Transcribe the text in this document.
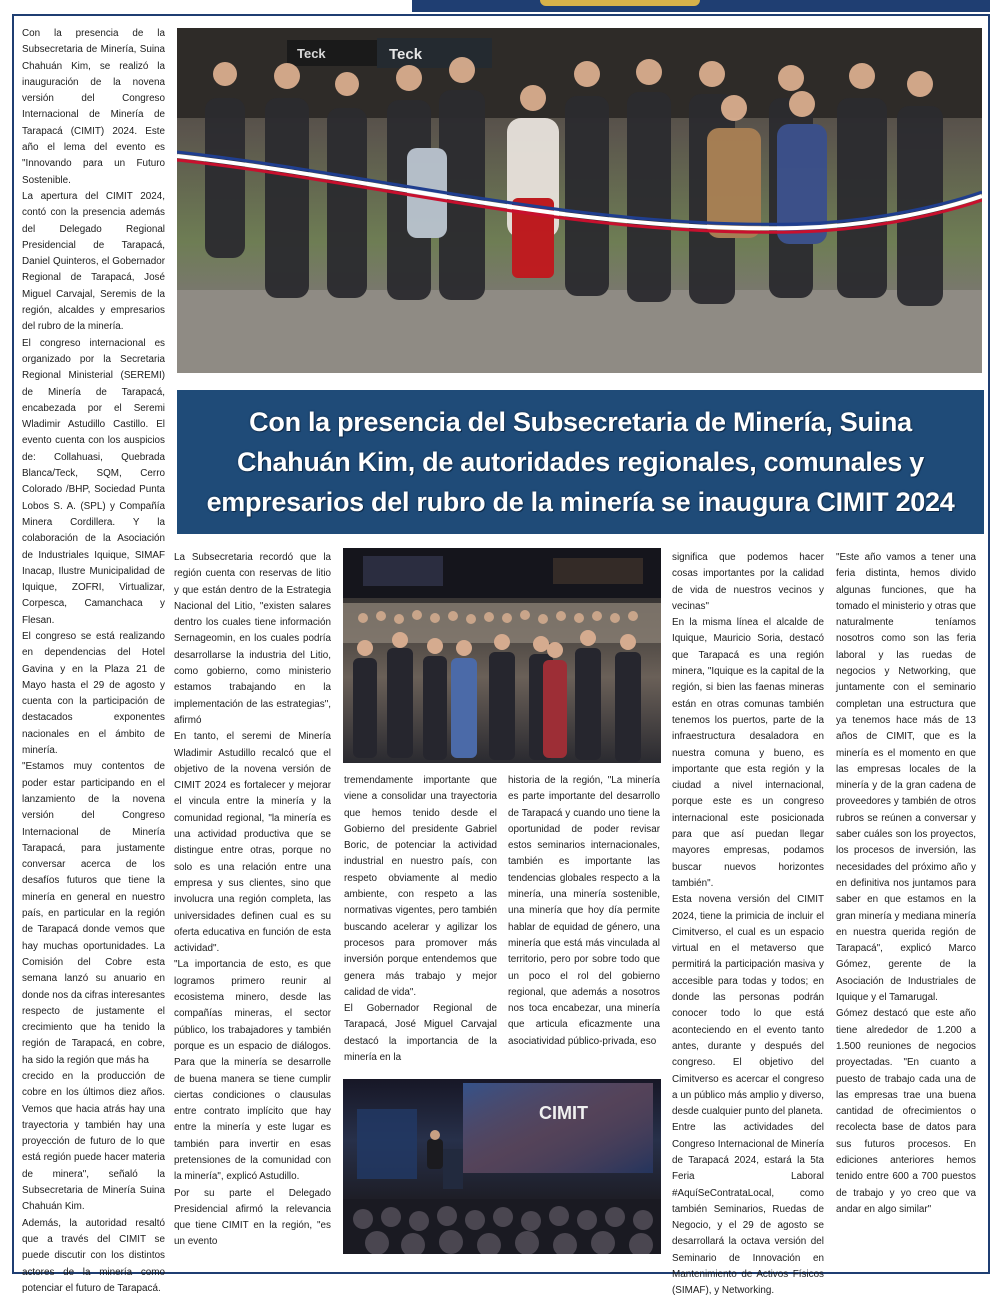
Teck	Teck
Con la presencia del Subsecretaria de Minería, Suina Chahuán Kim, de autoridades regionales, comunales y empresarios del rubro de la minería se inaugura CIMIT 2024
CIMIT

Con la presencia de la Subsecretaria de Minería, Suina Chahuán Kim, se realizó la inauguración de la novena versión del Congreso Internacional de Minería de Tarapacá (CIMIT) 2024. Este año el lema del evento es "Innovando para un Futuro Sostenible.

La apertura del CIMIT 2024, contó con la presencia además del Delegado Regional Presidencial de Tarapacá, Daniel Quinteros, el Gobernador Regional de Tarapacá, José Miguel Carvajal, Seremis de la región, alcaldes y empresarios del rubro de la minería.

El congreso internacional es organizado por la Secretaria Regional Ministerial (SEREMI) de Minería de Tarapacá, encabezada por el Seremi Wladimir Astudillo Castillo. El evento cuenta con los auspicios de: Collahuasi, Quebrada Blanca/Teck, SQM, Cerro Colorado /BHP, Sociedad Punta Lobos S. A. (SPL) y Compañía Minera Cordillera. Y la colaboración de la Asociación de Industriales Iquique, SIMAF Inacap, Ilustre Municipalidad de Iquique, ZOFRI, Virtualizar, Corpesca, Camanchaca y Flesan.

El congreso se está realizando en dependencias del Hotel Gavina y en la Plaza 21 de Mayo hasta el 29 de agosto y cuenta con la participación de destacados exponentes nacionales en el ámbito de minería.

"Estamos muy contentos de poder estar participando en el lanzamiento de la novena versión del Congreso Internacional de Minería Tarapacá, para justamente conversar acerca de los desafíos futuros que tiene la minería en general en nuestro país, en particular en la región de Tarapacá donde vemos que hay muchas oportunidades. La Comisión del Cobre esta semana lanzó su anuario en donde nos da cifras interesantes respecto de justamente el crecimiento que ha tenido la región de Tarapacá, en cobre, ha sido la región que más ha

crecido en la producción de cobre en los últimos diez años. Vemos que hacia atrás hay una trayectoria y también hay una proyección de futuro de lo que está región puede hacer materia de minera", señaló la Subsecretaria de Minería Suina Chahuán Kim.

Además, la autoridad resaltó que a través del CIMIT se puede discutir con los distintos actores de la minería como potenciar el futuro de Tarapacá.

La Subsecretaria recordó que la región cuenta con reservas de litio y que están dentro de la Estrategia Nacional del Litio, "existen salares dentro los cuales tiene información Sernageomin, en los cuales podría desarrollarse la industria del Litio, como gobierno, como ministerio estamos trabajando en la implementación de las estrategias", afirmó

En tanto, el seremi de Minería Wladimir Astudillo recalcó que el objetivo de la novena versión de CIMIT 2024 es fortalecer y mejorar el vincula entre la minería y la comunidad regional, "la minería es una actividad productiva que se distingue entre otras, porque no solo es una relación entre una empresa y sus clientes, sino que involucra una región completa, las universidades definen cual es su oferta educativa en función de esta actividad".

"La importancia de esto, es que logramos primero reunir al ecosistema minero, desde las compañías mineras, el sector público, los trabajadores y también porque es un espacio de diálogos. Para que la minería se desarrolle de buena manera se tiene cumplir ciertas condiciones o clausulas entre contrato implícito que hay entre la minería y este lugar es también para invertir en esas pretensiones de la comunidad con la minería", explicó Astudillo.

Por su parte el Delegado Presidencial afirmó la relevancia que tiene CIMIT en la región, "es un evento

tremendamente importante que viene a consolidar una trayectoria que hemos tenido desde el Gobierno del presidente Gabriel Boric, de potenciar la actividad industrial en nuestro país, con respeto obviamente al medio ambiente, con respeto a las normativas vigentes, pero también buscando acelerar y agilizar los procesos para promover más inversión porque entendemos que genera más trabajo y mejor calidad de vida".

El Gobernador Regional de Tarapacá, José Miguel Carvajal destacó la importancia de la minería en la

historia de la región, "La minería es parte importante del desarrollo de Tarapacá y cuando uno tiene la oportunidad de poder revisar estos seminarios internacionales, también es importante las tendencias globales respecto a la minería, una minería sostenible, una minería que hoy día permite hablar de equidad de género, una minería que está más vinculada al territorio, pero por sobre todo que un poco el rol del gobierno regional, que además a nosotros nos toca encabezar, una minería que articula eficazmente una asociatividad público-privada, eso

significa que podemos hacer cosas importantes por la calidad de vida de nuestros vecinos y vecinas"

En la misma línea el alcalde de Iquique, Mauricio Soria, destacó que Tarapacá es una región minera, "Iquique es la capital de la región, si bien las faenas mineras están en otras comunas también tenemos los puertos, parte de la infraestructura desaladora en nuestra comuna y bueno, es importante que esta región y la ciudad a nivel internacional, porque este es un congreso internacional este posicionada para que así puedan llegar mayores empresas, podamos buscar nuevos horizontes también".

Esta novena versión del CIMIT 2024, tiene la primicia de incluir el Cimitverso, el cual es un espacio virtual en el metaverso que permitirá la participación masiva y accesible para todas y todos; en donde las personas podrán conocer todo lo que está aconteciendo en el evento tanto antes, durante y después del congreso. El objetivo del Cimitverso es acercar el congreso a un público más amplio y diverso, desde cualquier punto del planeta.

Entre las actividades del Congreso Internacional de Minería de Tarapacá 2024, estará la 5ta Feria Laboral #AquíSeContrataLocal, como también Seminarios, Ruedas de Negocio, y el 29 de agosto se desarrollará la octava versión del Seminario de Innovación en Mantenimiento de Activos Físicos (SIMAF), y Networking.

"Este año vamos a tener una feria distinta, hemos divido algunas funciones, que ha tomado el ministerio y otras que naturalmente teníamos nosotros como son las feria laboral y las ruedas de negocios y Networking, que juntamente con el seminario completan una estructura que ya tenemos hace más de 13 años de CIMIT, que es la minería es el momento en que las empresas locales de la minería y de la gran cadena de proveedores y también de otros rubros se reúnen a conversar y saber cuáles son los proyectos, los procesos de inversión, las necesidades del próximo año y en definitiva nos juntamos para saber en que estamos en la gran minería y mediana minería en nuestra querida región de Tarapacá", explicó Marco Gómez, gerente de la Asociación de Industriales de Iquique y el Tamarugal.

Gómez destacó que este año tiene alrededor de 1.200 a 1.500 reuniones de negocios proyectadas. "En cuanto a puesto de trabajo cada una de las empresas trae una buena cantidad de ofrecimientos o recolecta base de datos para sus futuros procesos. En ediciones anteriores hemos tenido entre 600 a 700 puestos de trabajo y yo creo que va andar en algo similar"
